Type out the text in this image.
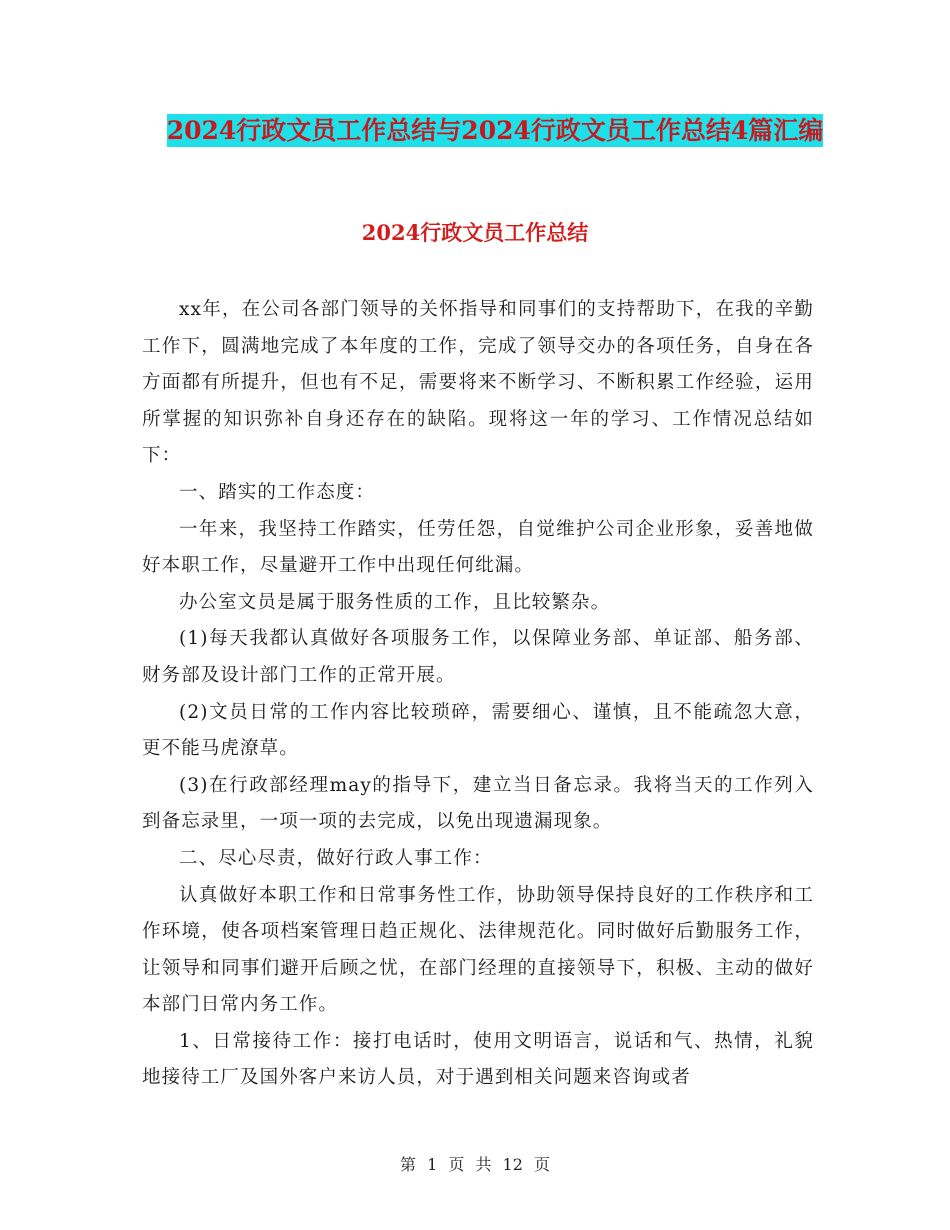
2024行政文员工作总结与2024行政文员工作总结4篇汇编
2024行政文员工作总结

xx年，在公司各部门领导的关怀指导和同事们的支持帮助下，在我的辛勤工作下，圆满地完成了本年度的工作，完成了领导交办的各项任务，自身在各方面都有所提升，但也有不足，需要将来不断学习、不断积累工作经验，运用所掌握的知识弥补自身还存在的缺陷。现将这一年的学习、工作情况总结如下：

一、踏实的工作态度：

一年来，我坚持工作踏实，任劳任怨，自觉维护公司企业形象，妥善地做好本职工作，尽量避开工作中出现任何纰漏。

办公室文员是属于服务性质的工作，且比较繁杂。

(1)每天我都认真做好各项服务工作，以保障业务部、单证部、船务部、财务部及设计部门工作的正常开展。

(2)文员日常的工作内容比较琐碎，需要细心、谨慎，且不能疏忽大意，更不能马虎潦草。

(3)在行政部经理may的指导下，建立当日备忘录。我将当天的工作列入到备忘录里，一项一项的去完成，以免出现遗漏现象。

二、尽心尽责，做好行政人事工作：

认真做好本职工作和日常事务性工作，协助领导保持良好的工作秩序和工作环境，使各项档案管理日趋正规化、法律规范化。同时做好后勤服务工作，让领导和同事们避开后顾之忧，在部门经理的直接领导下，积极、主动的做好本部门日常内务工作。

1、日常接待工作：接打电话时，使用文明语言，说话和气、热情，礼貌地接待工厂及国外客户来访人员，对于遇到相关问题来咨询或者

第 1 页 共 12 页
